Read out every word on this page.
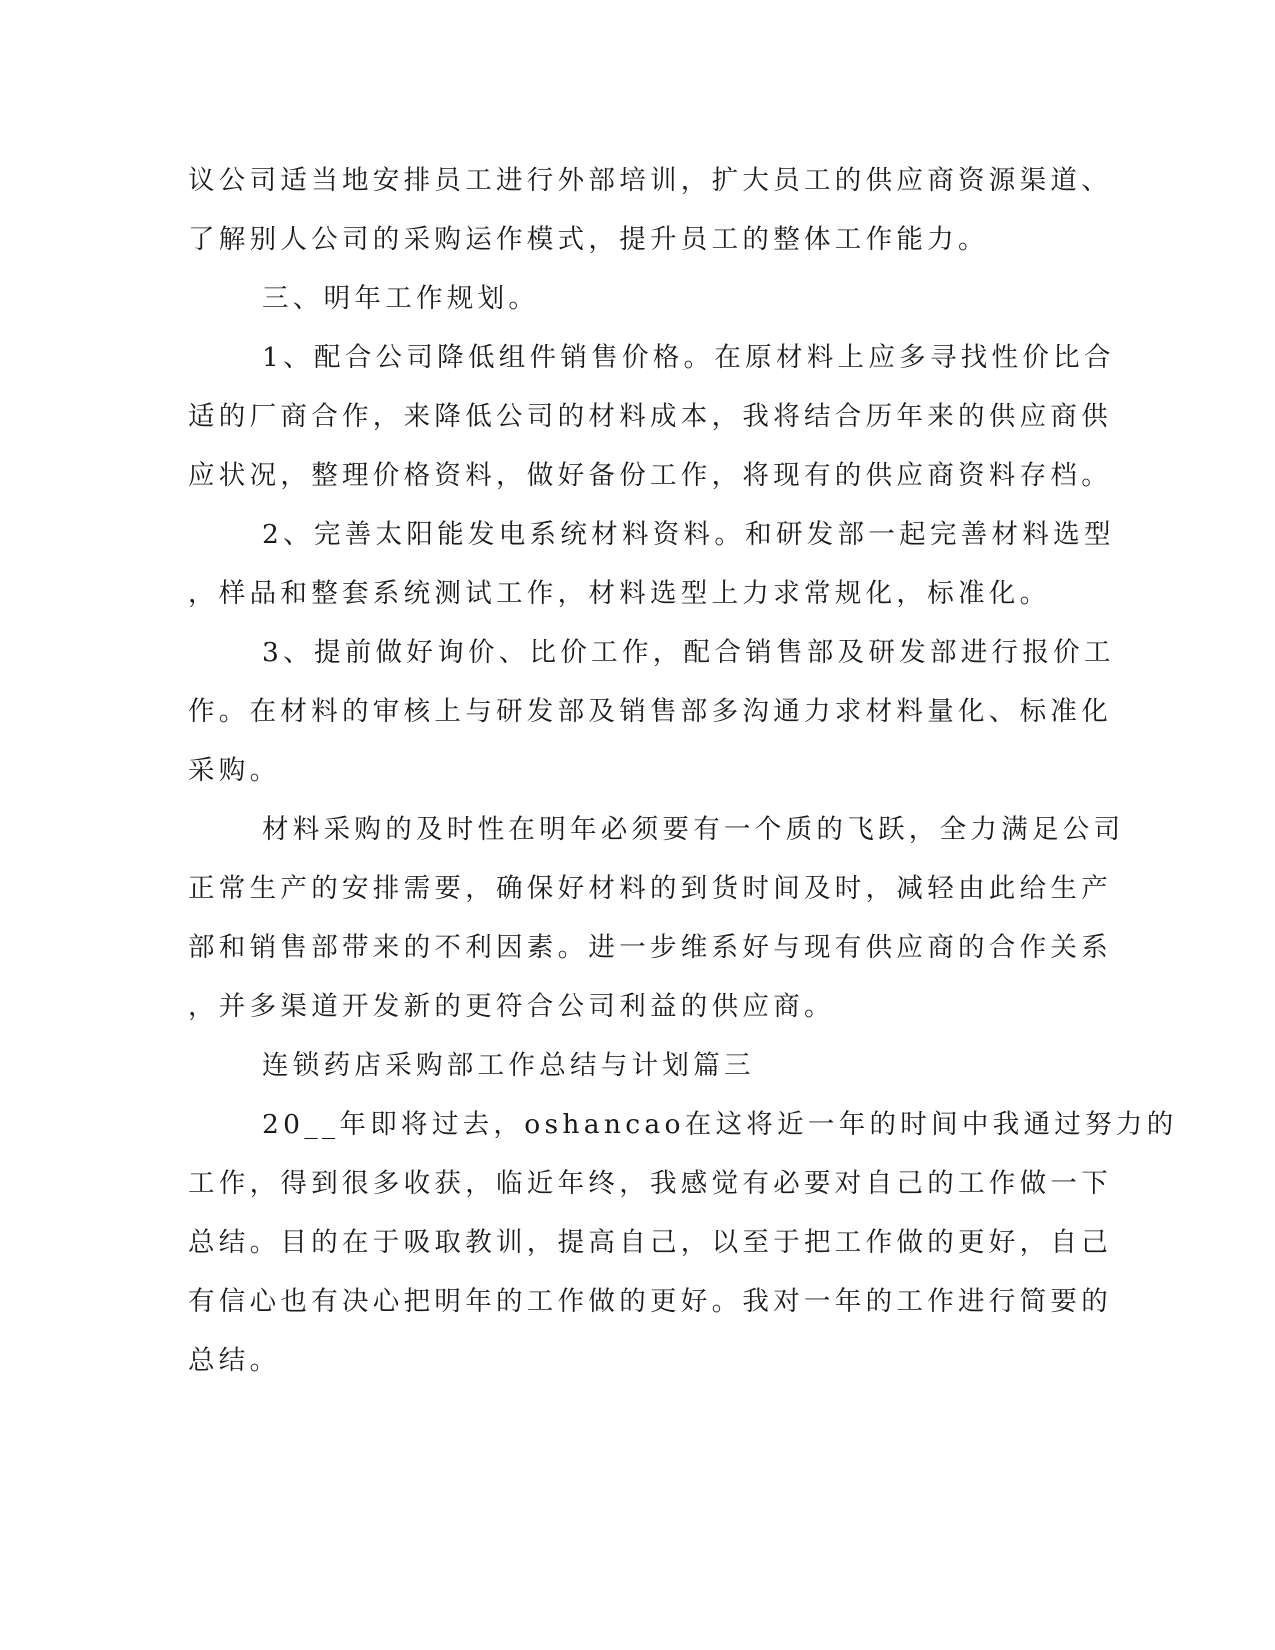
议公司适当地安排员工进行外部培训，扩大员工的供应商资源渠道、
了解别人公司的采购运作模式，提升员工的整体工作能力。
三、明年工作规划。
1、配合公司降低组件销售价格。在原材料上应多寻找性价比合
适的厂商合作，来降低公司的材料成本，我将结合历年来的供应商供
应状况，整理价格资料，做好备份工作，将现有的供应商资料存档。
2、完善太阳能发电系统材料资料。和研发部一起完善材料选型
，样品和整套系统测试工作，材料选型上力求常规化，标准化。
3、提前做好询价、比价工作，配合销售部及研发部进行报价工
作。在材料的审核上与研发部及销售部多沟通力求材料量化、标准化
采购。
材料采购的及时性在明年必须要有一个质的飞跃，全力满足公司
正常生产的安排需要，确保好材料的到货时间及时，减轻由此给生产
部和销售部带来的不利因素。进一步维系好与现有供应商的合作关系
，并多渠道开发新的更符合公司利益的供应商。
连锁药店采购部工作总结与计划篇三
20__年即将过去，oshancao在这将近一年的时间中我通过努力的
工作，得到很多收获，临近年终，我感觉有必要对自己的工作做一下
总结。目的在于吸取教训，提高自己，以至于把工作做的更好，自己
有信心也有决心把明年的工作做的更好。我对一年的工作进行简要的
总结。
